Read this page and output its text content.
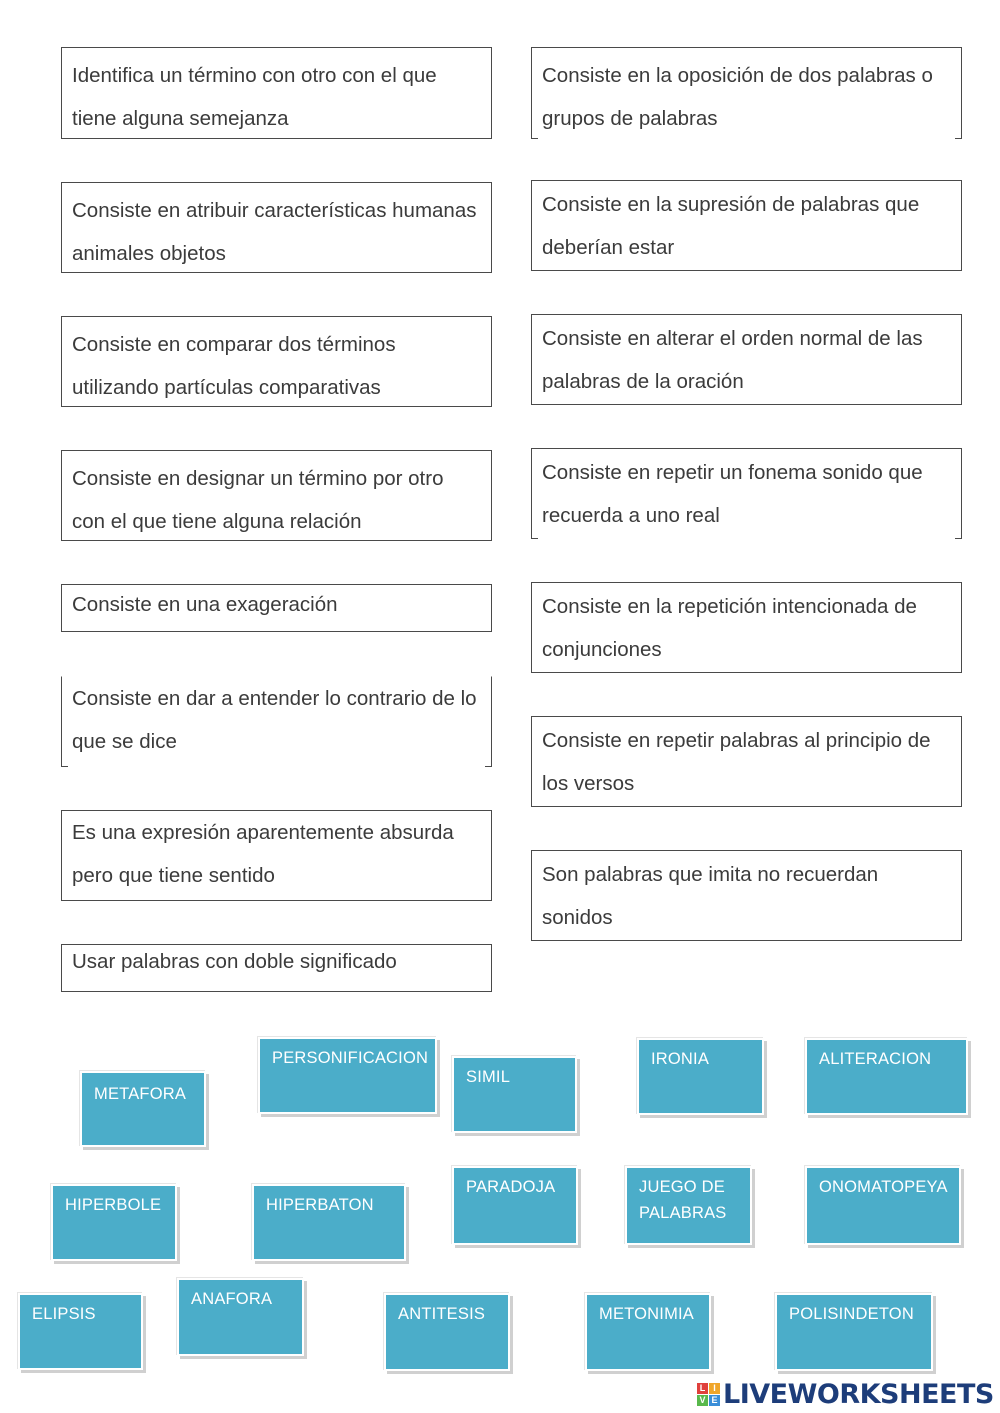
Identifica un término con otro con el que tiene alguna semejanza
Consiste en atribuir características humanas animales objetos
Consiste en comparar dos términos utilizando partículas comparativas
Consiste en designar un término por otro con el que tiene alguna relación
Consiste en una exageración
Consiste en dar a entender lo contrario de lo que se dice
Es una expresión aparentemente absurda pero que tiene sentido
Usar palabras con doble significado
Consiste en la oposición de dos palabras o grupos de palabras
Consiste en la supresión de palabras que deberían estar
Consiste en alterar el orden normal de las palabras de la oración
Consiste en repetir un fonema sonido que recuerda a uno real
Consiste en la repetición intencionada de conjunciones
Consiste en repetir palabras al principio de los versos
Son palabras que imita no recuerdan sonidos
METAFORA
PERSONIFICACION
SIMIL
IRONIA	ALITERACION
HIPERBOLE	HIPERBATON
PARADOJA	JUEGO DE
PALABRAS
ONOMATOPEYA
ELIPSIS
ANAFORA
ANTITESIS	METONIMIA	POLISINDETON
L I
V E LIVEWORKSHEETS
